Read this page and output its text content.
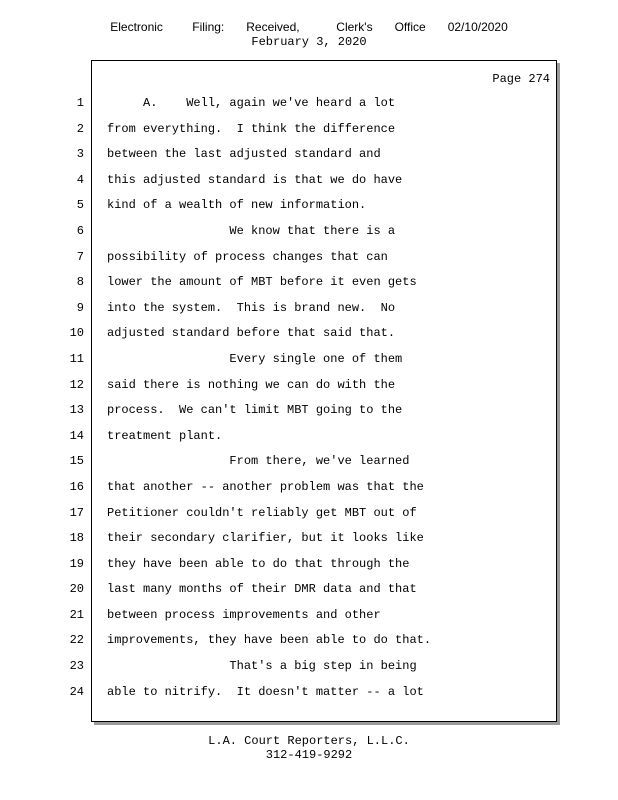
Electronic    Filing:   Received,     Clerk's   Office   02/10/2020
February 3, 2020
Page 274
1
2
3
4
5
6
7
8
9
10
11
12
13
14
15
16
17
18
19
20
21
22
23
24
A.    Well, again we've heard a lot
from everything.  I think the difference
between the last adjusted standard and
this adjusted standard is that we do have
kind of a wealth of new information.
We know that there is a
possibility of process changes that can
lower the amount of MBT before it even gets
into the system.  This is brand new.  No
adjusted standard before that said that.
Every single one of them
said there is nothing we can do with the
process.  We can't limit MBT going to the
treatment plant.
From there, we've learned
that another -- another problem was that the
Petitioner couldn't reliably get MBT out of
their secondary clarifier, but it looks like
they have been able to do that through the
last many months of their DMR data and that
between process improvements and other
improvements, they have been able to do that.
That's a big step in being
able to nitrify.  It doesn't matter -- a lot
L.A. Court Reporters, L.L.C.
312-419-9292
